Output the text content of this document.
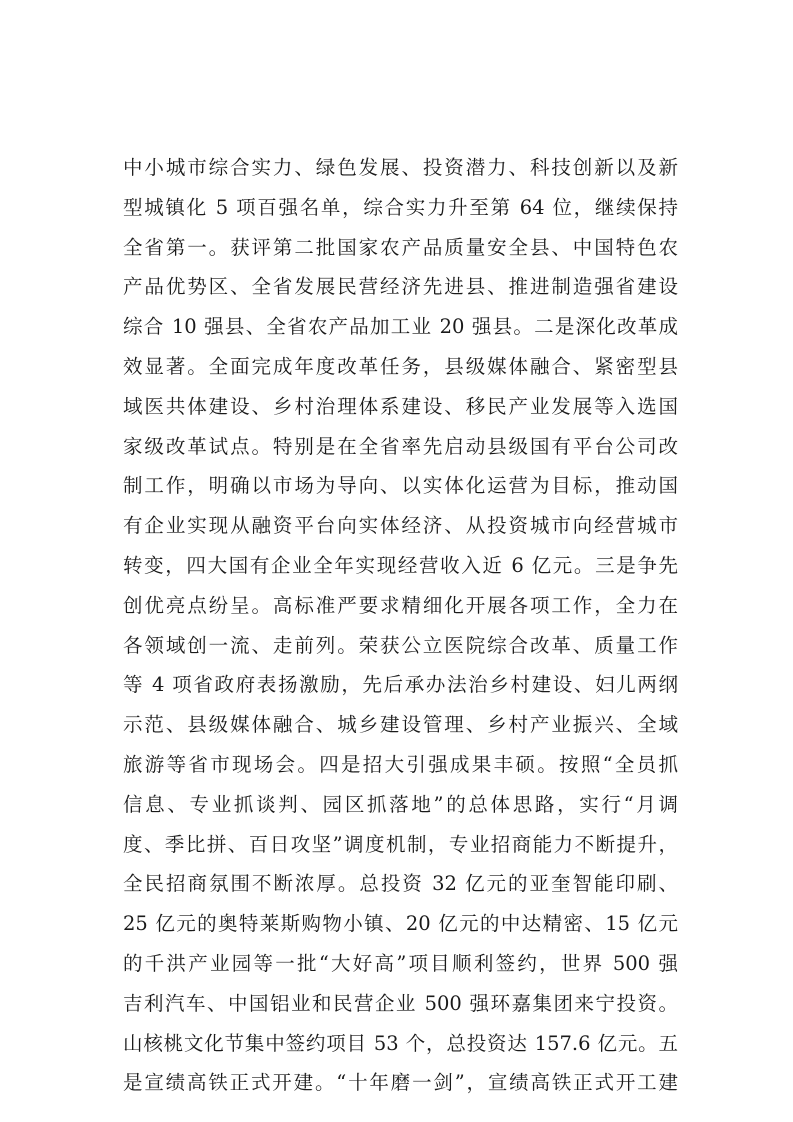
中小城市综合实力、绿色发展、投资潜力、科技创新以及新
型城镇化 5 项百强名单，综合实力升至第 64 位，继续保持
全省第一。获评第二批国家农产品质量安全县、中国特色农
产品优势区、全省发展民营经济先进县、推进制造强省建设
综合 10 强县、全省农产品加工业 20 强县。二是深化改革成
效显著。全面完成年度改革任务，县级媒体融合、紧密型县
域医共体建设、乡村治理体系建设、移民产业发展等入选国
家级改革试点。特别是在全省率先启动县级国有平台公司改
制工作，明确以市场为导向、以实体化运营为目标，推动国
有企业实现从融资平台向实体经济、从投资城市向经营城市
转变，四大国有企业全年实现经营收入近 6 亿元。三是争先
创优亮点纷呈。高标准严要求精细化开展各项工作，全力在
各领域创一流、走前列。荣获公立医院综合改革、质量工作
等 4 项省政府表扬激励，先后承办法治乡村建设、妇儿两纲
示范、县级媒体融合、城乡建设管理、乡村产业振兴、全域
旅游等省市现场会。四是招大引强成果丰硕。按照“全员抓
信息、专业抓谈判、园区抓落地”的总体思路，实行“月调
度、季比拼、百日攻坚”调度机制，专业招商能力不断提升，
全民招商氛围不断浓厚。总投资 32 亿元的亚奎智能印刷、
25 亿元的奥特莱斯购物小镇、20 亿元的中达精密、15 亿元
的千洪产业园等一批“大好高”项目顺利签约，世界 500 强
吉利汽车、中国铝业和民营企业 500 强环嘉集团来宁投资。
山核桃文化节集中签约项目 53 个，总投资达 157.6 亿元。五
是宣绩高铁正式开建。“十年磨一剑”，宣绩高铁正式开工建
